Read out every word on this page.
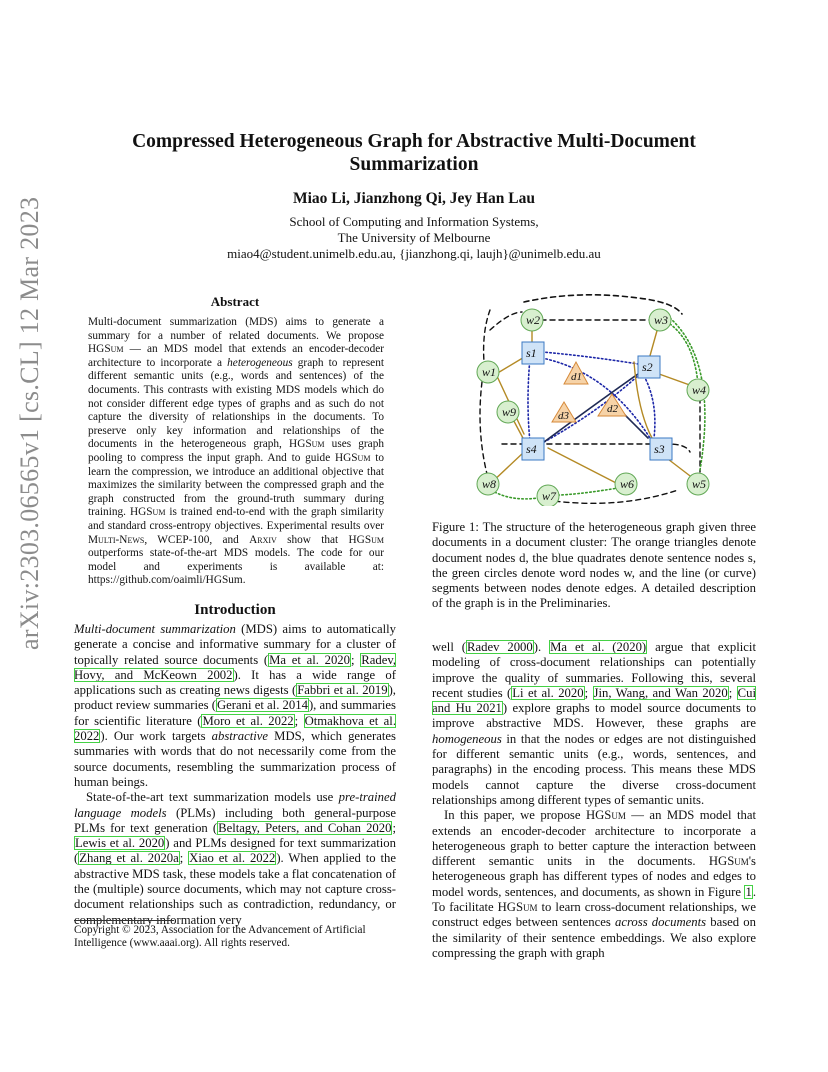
arXiv:2303.06565v1 [cs.CL] 12 Mar 2023
Compressed Heterogeneous Graph for Abstractive Multi-Document
Summarization
Miao Li, Jianzhong Qi, Jey Han Lau
School of Computing and Information Systems,
The University of Melbourne
miao4@student.unimelb.edu.au, {jianzhong.qi, laujh}@unimelb.edu.au
Abstract
Multi-document summarization (MDS) aims to generate a summary for a number of related documents. We propose HGSum — an MDS model that extends an encoder-decoder architecture to incorporate a heterogeneous graph to represent different semantic units (e.g., words and sentences) of the documents. This contrasts with existing MDS models which do not consider different edge types of graphs and as such do not capture the diversity of relationships in the documents. To preserve only key information and relationships of the documents in the heterogeneous graph, HGSum uses graph pooling to compress the input graph. And to guide HGSum to learn the compression, we introduce an additional objective that maximizes the similarity between the compressed graph and the graph constructed from the ground-truth summary during training. HGSum is trained end-to-end with the graph similarity and standard cross-entropy objectives. Experimental results over Multi-News, WCEP-100, and Arxiv show that HGSum outperforms state-of-the-art MDS models. The code for our model and experiments is available at: https://github.com/oaimli/HGSum.
Introduction

Multi-document summarization (MDS) aims to automatically generate a concise and informative summary for a cluster of topically related source documents (Ma et al. 2020; Radev, Hovy, and McKeown 2002). It has a wide range of applications such as creating news digests (Fabbri et al. 2019), product review summaries (Gerani et al. 2014), and summaries for scientific literature (Moro et al. 2022; Otmakhova et al. 2022). Our work targets abstractive MDS, which generates summaries with words that do not necessarily come from the source documents, resembling the summarization process of human beings.

State-of-the-art text summarization models use pre-trained language models (PLMs) including both general-purpose PLMs for text generation (Beltagy, Peters, and Cohan 2020; Lewis et al. 2020) and PLMs designed for text summarization (Zhang et al. 2020a; Xiao et al. 2022). When applied to the abstractive MDS task, these models take a flat concatenation of the (multiple) source documents, which may not capture cross-document relationships such as contradiction, redundancy, or complementary information very

Copyright © 2023, Association for the Advancement of Artificial Intelligence (www.aaai.org). All rights reserved.
w2	w3
w1
w4
w9
w8
w7
w6	w5
s1
s2
s3
s4
d1
d2
d3
Figure 1: The structure of the heterogeneous graph given three documents in a document cluster: The orange triangles denote document nodes d, the blue quadrates denote sentence nodes s, the green circles denote word nodes w, and the line (or curve) segments between nodes denote edges. A detailed description of the graph is in the Preliminaries.

well (Radev 2000). Ma et al. (2020) argue that explicit modeling of cross-document relationships can potentially improve the quality of summaries. Following this, several recent studies (Li et al. 2020; Jin, Wang, and Wan 2020; Cui and Hu 2021) explore graphs to model source documents to improve abstractive MDS. However, these graphs are homogeneous in that the nodes or edges are not distinguished for different semantic units (e.g., words, sentences, and paragraphs) in the encoding process. This means these MDS models cannot capture the diverse cross-document relationships among different types of semantic units.

In this paper, we propose HGSum — an MDS model that extends an encoder-decoder architecture to incorporate a heterogeneous graph to better capture the interaction between different semantic units in the documents. HGSum's heterogeneous graph has different types of nodes and edges to model words, sentences, and documents, as shown in Figure 1. To facilitate HGSum to learn cross-document relationships, we construct edges between sentences across documents based on the similarity of their sentence embeddings. We also explore compressing the graph with graph
